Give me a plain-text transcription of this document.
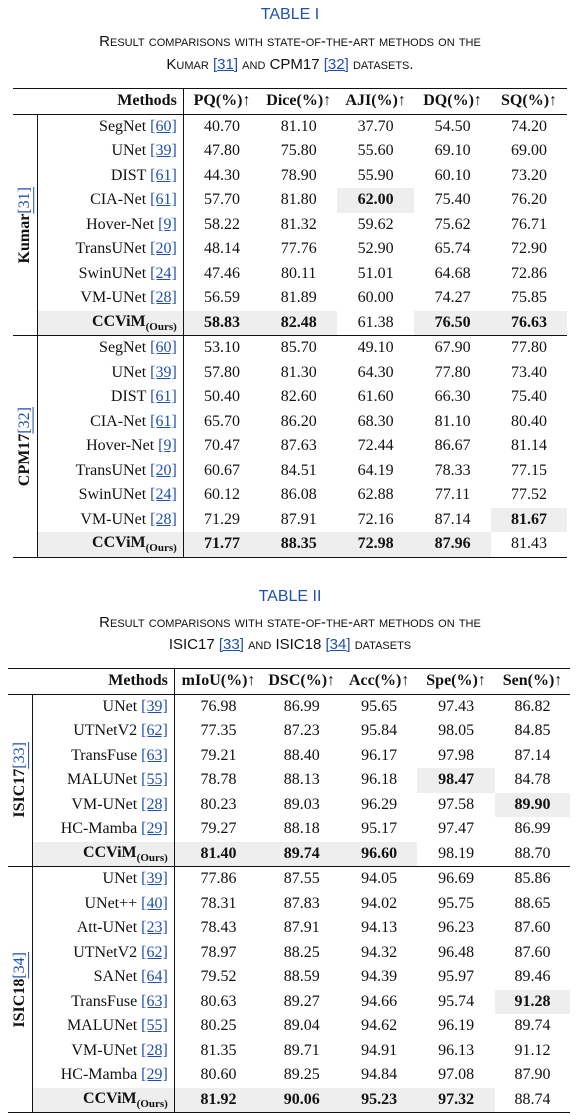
TABLE I
Result comparisons with state-of-the-art methods on the
Kumar [31] and CPM17 [32] datasets.
Methods		PQ(%)↑	Dice(%)↑	AJI(%)↑	DQ(%)↑	SQ(%)↑

Kumar[31]	SegNet [60]	40.70	81.10	37.70	54.50	74.20
	UNet [39]	47.80	75.80	55.60	69.10	69.00
	DIST [61]	44.30	78.90	55.90	60.10	73.20
	CIA-Net [61]	57.70	81.80	62.00	75.40	76.20
	Hover-Net [9]	58.22	81.32	59.62	75.62	76.71
	TransUNet [20]	48.14	77.76	52.90	65.74	72.90
	SwinUNet [24]	47.46	80.11	51.01	64.68	72.86
	VM-UNet [28]	56.59	81.89	60.00	74.27	75.85
	CCViM$_{(Ours)}$	58.83	82.48	61.38	76.50	76.63

CPM17[32]	SegNet [60]	53.10	85.70	49.10	67.90	77.80
	UNet [39]	57.80	81.30	64.30	77.80	73.40
	DIST [61]	50.40	82.60	61.60	66.30	75.40
	CIA-Net [61]	65.70	86.20	68.30	81.10	80.40
	Hover-Net [9]	70.47	87.63	72.44	86.67	81.14
	TransUNet [20]	60.67	84.51	64.19	78.33	77.15
	SwinUNet [24]	60.12	86.08	62.88	77.11	77.52
	VM-UNet [28]	71.29	87.91	72.16	87.14	81.67
	CCViM$_{(Ours)}$	71.77	88.35	72.98	87.96	81.43
TABLE II
Result comparisons with state-of-the-art methods on the
ISIC17 [33] and ISIC18 [34] datasets
Methods		mIoU(%)↑	DSC(%)↑	Acc(%)↑	Spe(%)↑	Sen(%)↑

ISIC17[33]	UNet [39]	76.98	86.99	95.65	97.43	86.82
	UTNetV2 [62]	77.35	87.23	95.84	98.05	84.85
	TransFuse [63]	79.21	88.40	96.17	97.98	87.14
	MALUNet [55]	78.78	88.13	96.18	98.47	84.78
	VM-UNet [28]	80.23	89.03	96.29	97.58	89.90
	HC-Mamba [29]	79.27	88.18	95.17	97.47	86.99
	CCViM$_{(Ours)}$	81.40	89.74	96.60	98.19	88.70

ISIC18[34]	UNet [39]	77.86	87.55	94.05	96.69	85.86
	UNet++ [40]	78.31	87.83	94.02	95.75	88.65
	Att-UNet [23]	78.43	87.91	94.13	96.23	87.60
	UTNetV2 [62]	78.97	88.25	94.32	96.48	87.60
	SANet [64]	79.52	88.59	94.39	95.97	89.46
	TransFuse [63]	80.63	89.27	94.66	95.74	91.28
	MALUNet [55]	80.25	89.04	94.62	96.19	89.74
	VM-UNet [28]	81.35	89.71	94.91	96.13	91.12
	HC-Mamba [29]	80.60	89.25	94.84	97.08	87.90
	CCViM$_{(Ours)}$	81.92	90.06	95.23	97.32	88.74
